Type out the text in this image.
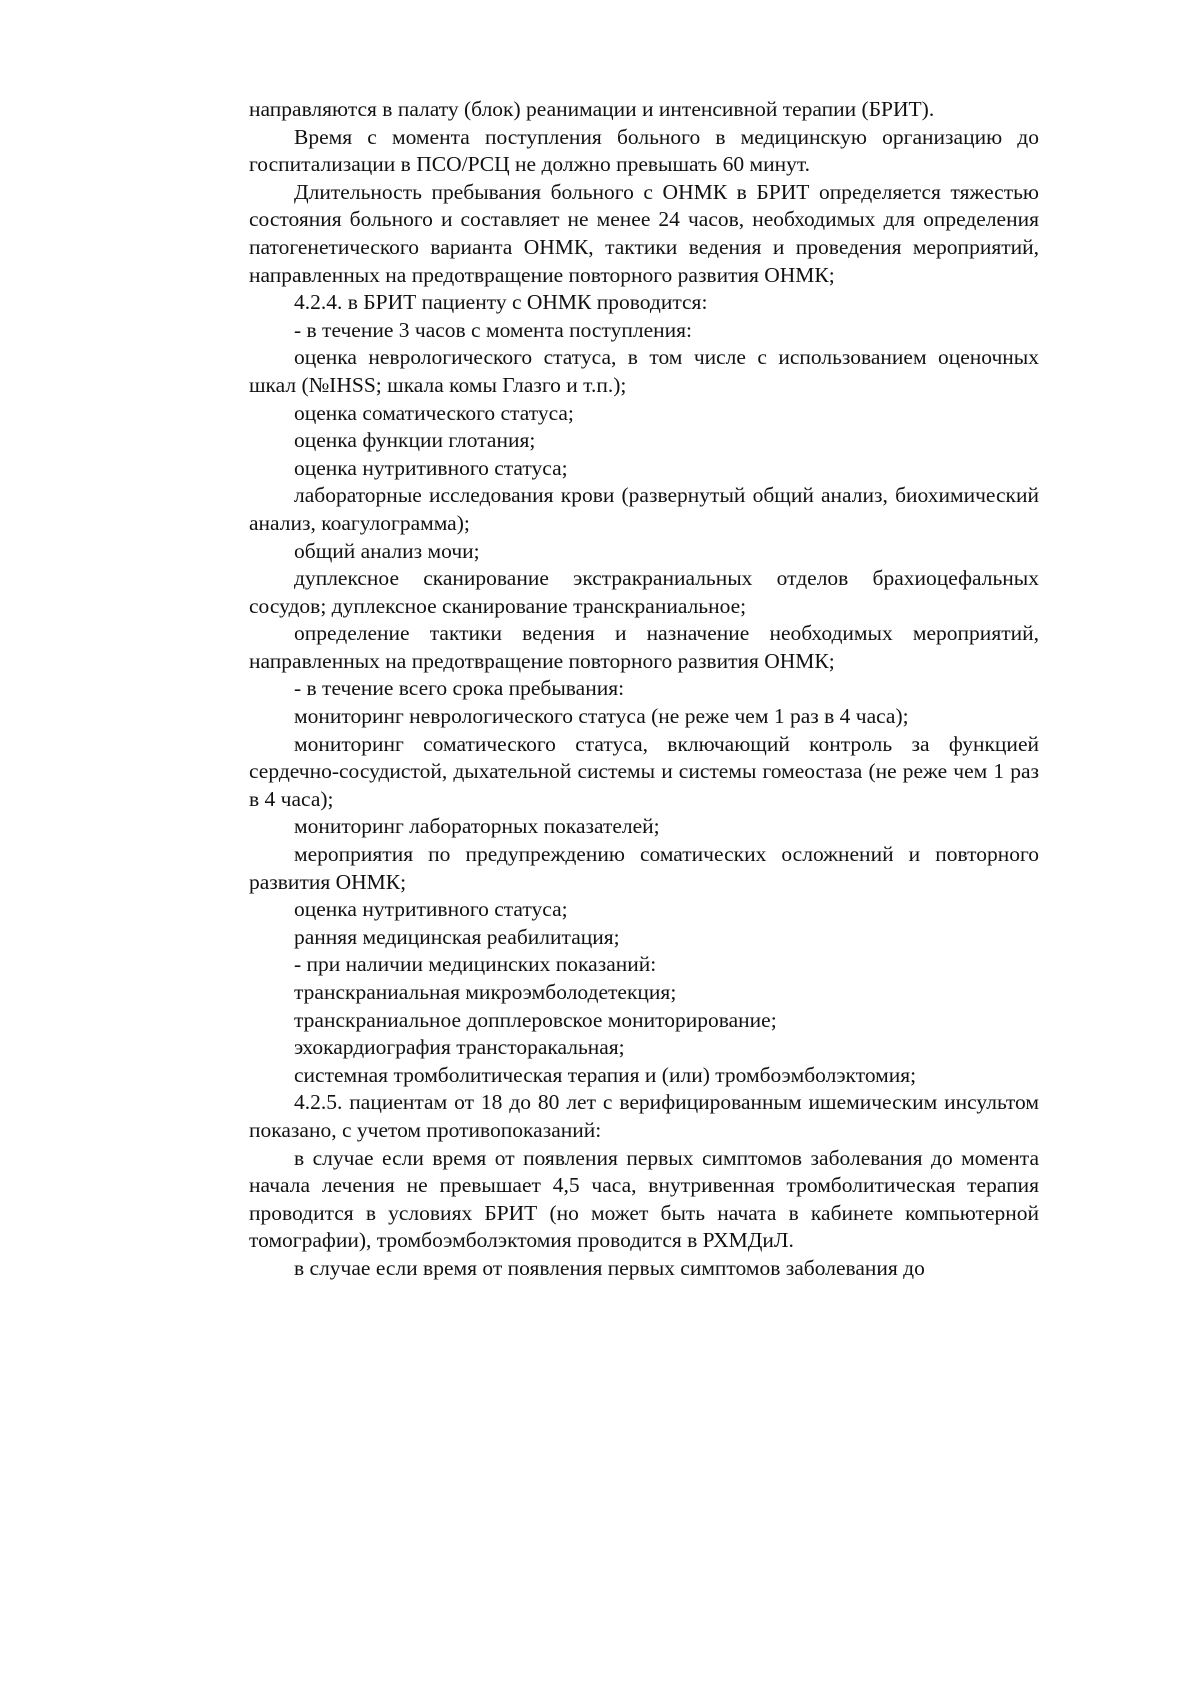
направляются в палату (блок) реанимации и интенсивной терапии (БРИТ).

Время с момента поступления больного в медицинскую организацию до госпитализации в ПСО/РСЦ не должно превышать 60 минут.

Длительность пребывания больного с ОНМК в БРИТ определяется тяжестью состояния больного и составляет не менее 24 часов, необходимых для определения патогенетического варианта ОНМК, тактики ведения и проведения мероприятий, направленных на предотвращение повторного развития ОНМК;

4.2.4. в БРИТ пациенту с ОНМК проводится:

- в течение 3 часов с момента поступления:

оценка неврологического статуса, в том числе с использованием оценочных шкал (№IHSS; шкала комы Глазго и т.п.);

оценка соматического статуса;

оценка функции глотания;

оценка нутритивного статуса;

лабораторные исследования крови (развернутый общий анализ, биохимический анализ, коагулограмма);

общий анализ мочи;

дуплексное сканирование экстракраниальных отделов брахиоцефальных сосудов; дуплексное сканирование транскраниальное;

определение тактики ведения и назначение необходимых мероприятий, направленных на предотвращение повторного развития ОНМК;

- в течение всего срока пребывания:

мониторинг неврологического статуса (не реже чем 1 раз в 4 часа);

мониторинг соматического статуса, включающий контроль за функцией сердечно-сосудистой, дыхательной системы и системы гомеостаза (не реже чем 1 раз в 4 часа);

мониторинг лабораторных показателей;

мероприятия по предупреждению соматических осложнений и повторного развития ОНМК;

оценка нутритивного статуса;

ранняя медицинская реабилитация;

- при наличии медицинских показаний:

транскраниальная микроэмболодетекция;

транскраниальное допплеровское мониторирование;

эхокардиография трансторакальная;

системная тромболитическая терапия и (или) тромбоэмболэктомия;

4.2.5. пациентам от 18 до 80 лет с верифицированным ишемическим инсультом показано, с учетом противопоказаний:

в случае если время от появления первых симптомов заболевания до момента начала лечения не превышает 4,5 часа, внутривенная тромболитическая терапия проводится в условиях БРИТ (но может быть начата в кабинете компьютерной томографии), тромбоэмболэктомия проводится в РХМДиЛ.

в случае если время от появления первых симптомов заболевания до
